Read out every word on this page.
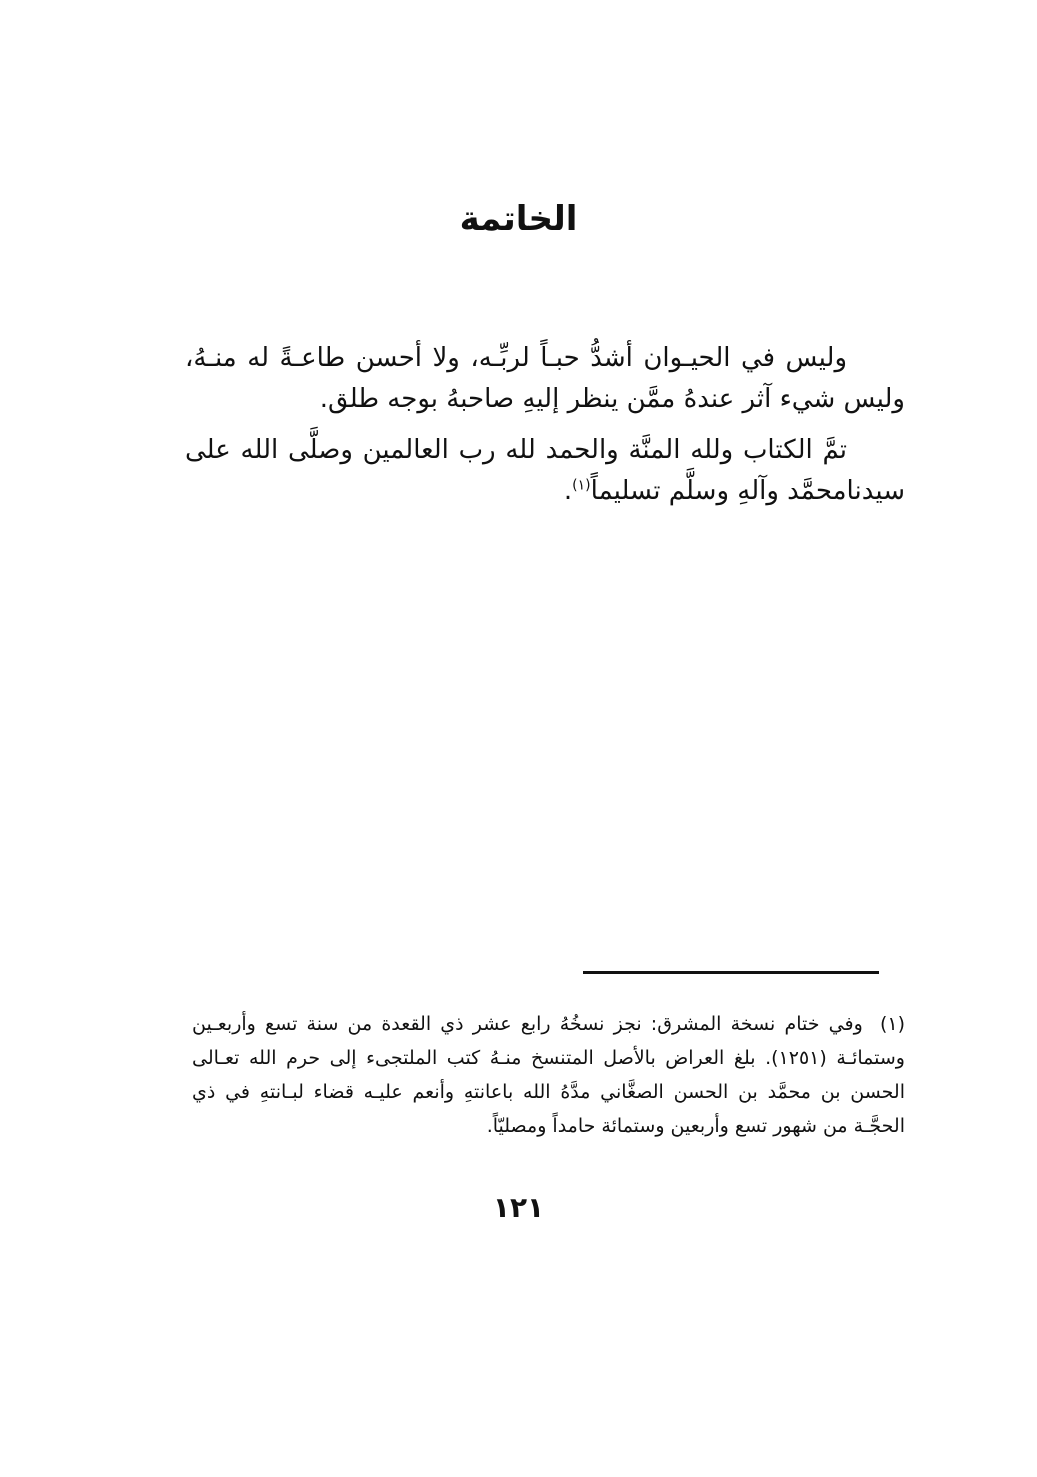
الخاتمة

وليس في الحيـوان أشدُّ حبـاً لربِّـه، ولا أحسن طاعـةً له منـهُ، وليس شيء آثر عندهُ ممَّن ينظر إليهِ صاحبهُ بوجه طلق.

تمَّ الكتاب ولله المنَّة والحمد لله رب العالمين وصلَّى الله على سيدنامحمَّد وآلهِ وسلَّم تسليماً$^{(١)}$.

(١) وفي ختام نسخة المشرق: نجز نسخُهُ رابع عشر ذي القعدة من سنة تسع وأربعـين وستمائـة (١٢٥١). بلغ العراض بالأصل المتنسخ منـهُ كتب الملتجىء إلى حرم الله تعـالى الحسن بن محمَّد بن الحسن الصغَّاني مدَّهُ الله باعانتهِ وأنعم عليـه قضاء لبـانتهِ في ذي الحجَّـة من شهور تسع وأربعين وستمائة حامداً ومصليّاً.
١٢١
